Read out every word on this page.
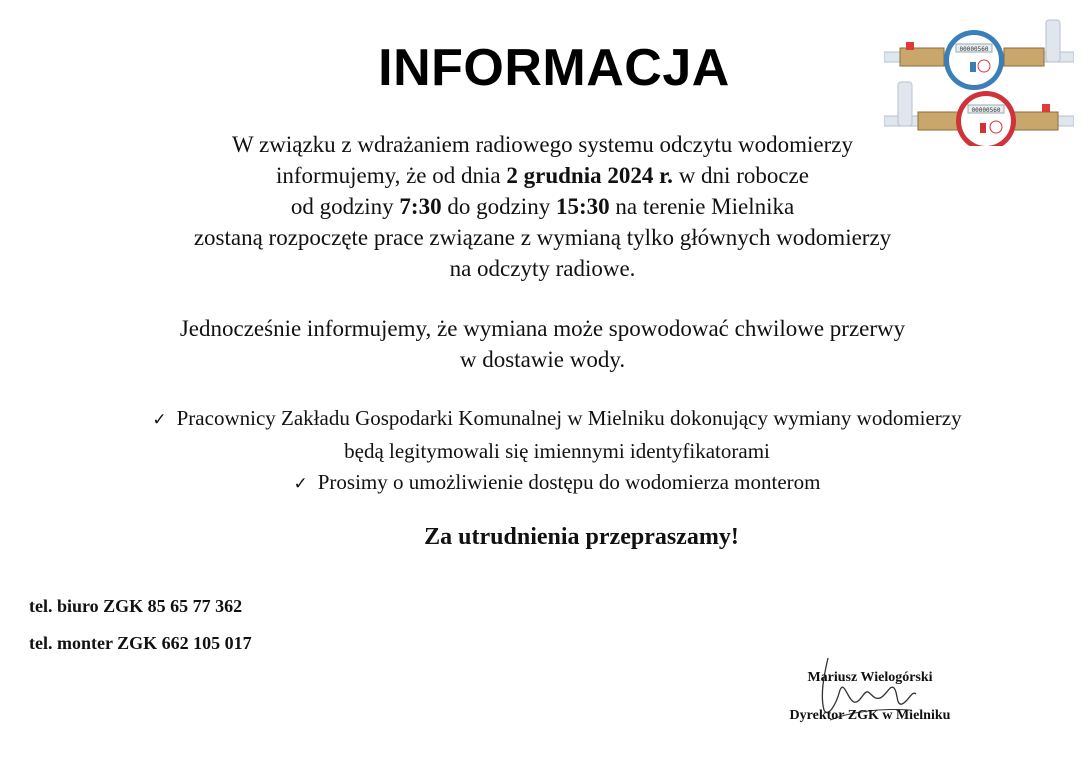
INFORMACJA
W związku z wdrażaniem radiowego systemu odczytu wodomierzy
informujemy, że od dnia 2 grudnia 2024 r. w dni robocze
od godziny 7:30 do godziny 15:30 na terenie Mielnika
zostaną rozpoczęte prace związane z wymianą tylko głównych wodomierzy
na odczyty radiowe.
Jednocześnie informujemy, że wymiana może spowodować chwilowe przerwy
w dostawie wody.
✓ Pracownicy Zakładu Gospodarki Komunalnej w Mielniku dokonujący wymiany wodomierzy
będą legitymowali się imiennymi identyfikatorami
✓ Prosimy o umożliwienie dostępu do wodomierza monterom
Za utrudnienia przepraszamy!
tel. biuro ZGK 85 65 77 362
tel. monter ZGK 662 105 017
Mariusz Wielogórski
Dyrektor ZGK w Mielniku
00000560
00000560
